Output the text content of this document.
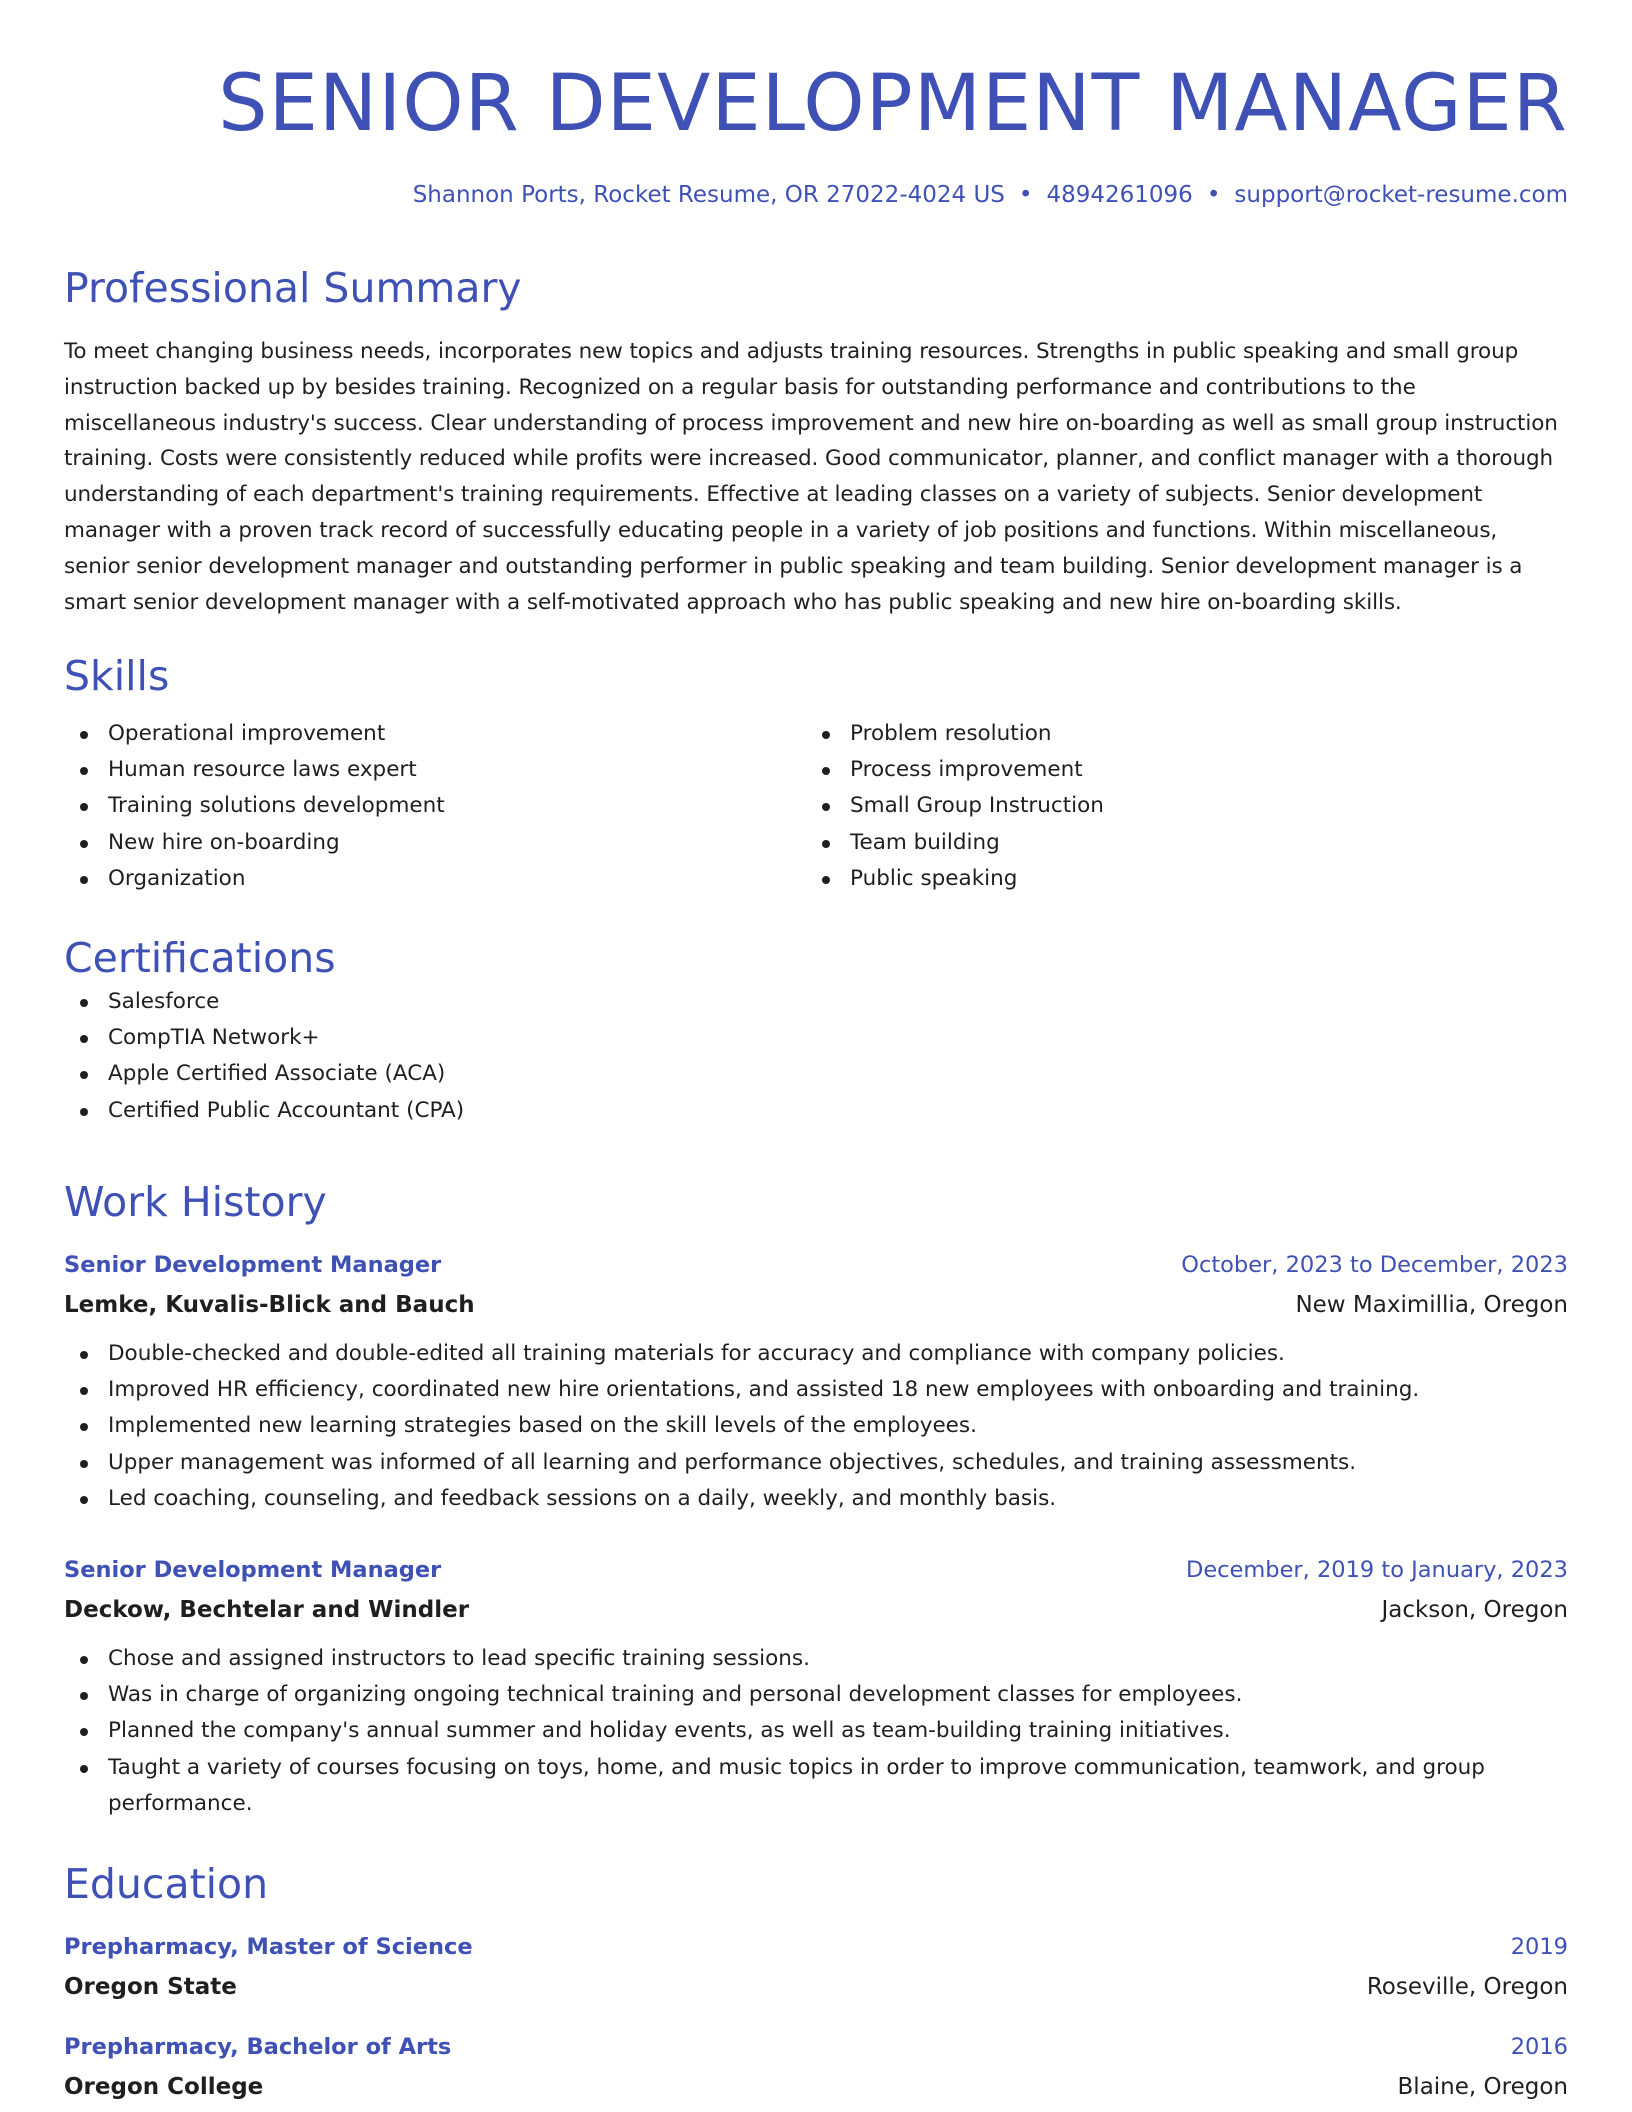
SENIOR DEVELOPMENT MANAGER
Shannon Ports, Rocket Resume, OR 27022-4024 US • 4894261096 • support@rocket-resume.com
Professional Summary

To meet changing business needs, incorporates new topics and adjusts training resources. Strengths in public speaking and small group instruction backed up by besides training. Recognized on a regular basis for outstanding performance and contributions to the miscellaneous industry's success. Clear understanding of process improvement and new hire on-boarding as well as small group instruction training. Costs were consistently reduced while profits were increased. Good communicator, planner, and conflict manager with a thorough understanding of each department's training requirements. Effective at leading classes on a variety of subjects. Senior development manager with a proven track record of successfully educating people in a variety of job positions and functions. Within miscellaneous, senior senior development manager and outstanding performer in public speaking and team building. Senior development manager is a smart senior development manager with a self-motivated approach who has public speaking and new hire on-boarding skills.

Skills
Operational improvement
Human resource laws expert
Training solutions development
New hire on-boarding
Organization
Problem resolution
Process improvement
Small Group Instruction
Team building
Public speaking
Certifications
Salesforce
CompTIA Network+
Apple Certified Associate (ACA)
Certified Public Accountant (CPA)
Work History
Senior Development Manager	October, 2023 to December, 2023
Lemke, Kuvalis-Blick and Bauch	New Maximillia, Oregon
Double-checked and double-edited all training materials for accuracy and compliance with company policies.
Improved HR efficiency, coordinated new hire orientations, and assisted 18 new employees with onboarding and training.
Implemented new learning strategies based on the skill levels of the employees.
Upper management was informed of all learning and performance objectives, schedules, and training assessments.
Led coaching, counseling, and feedback sessions on a daily, weekly, and monthly basis.
Senior Development Manager	December, 2019 to January, 2023
Deckow, Bechtelar and Windler	Jackson, Oregon
Chose and assigned instructors to lead specific training sessions.
Was in charge of organizing ongoing technical training and personal development classes for employees.
Planned the company's annual summer and holiday events, as well as team-building training initiatives.
Taught a variety of courses focusing on toys, home, and music topics in order to improve communication, teamwork, and group performance.
Education
Prepharmacy, Master of Science	2019
Oregon State	Roseville, Oregon
Prepharmacy, Bachelor of Arts	2016
Oregon College	Blaine, Oregon
